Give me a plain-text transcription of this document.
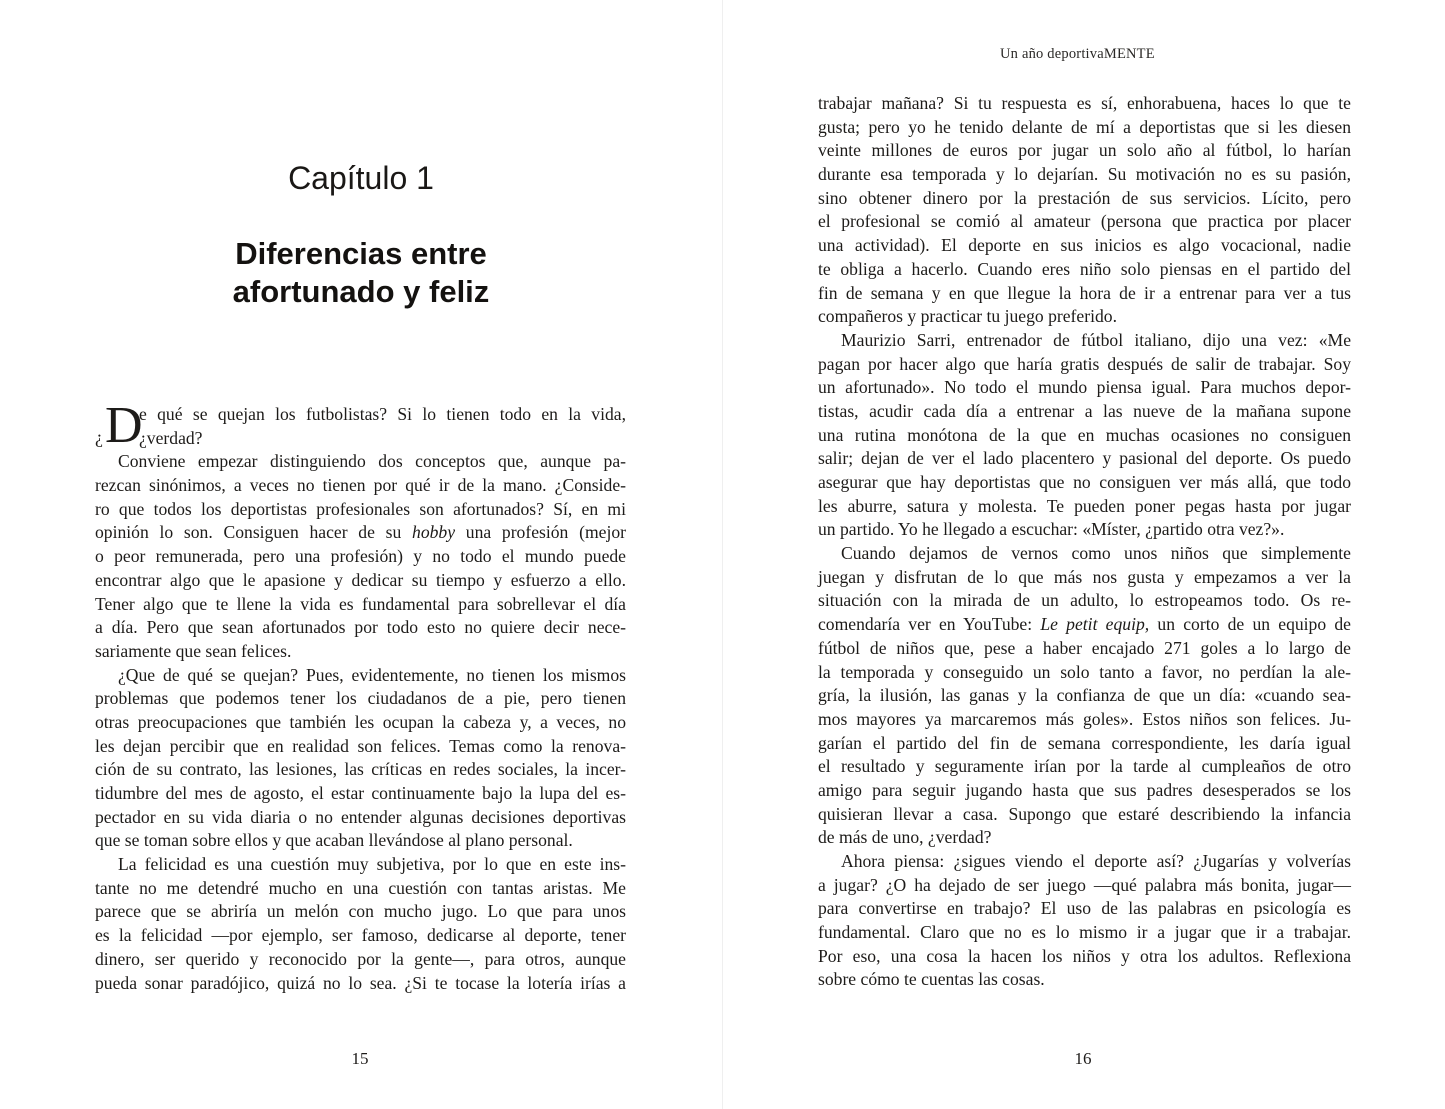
Capítulo 1
Diferencias entre
afortunado y feliz
¿ D
e qué se quejan los futbolistas? Si lo tienen todo en la vida,
¿verdad?
Conviene empezar distinguiendo dos conceptos que, aunque pa-
rezcan sinónimos, a veces no tienen por qué ir de la mano. ¿Conside-
ro que todos los deportistas profesionales son afortunados? Sí, en mi
opinión lo son. Consiguen hacer de su hobby una profesión (mejor
o peor remunerada, pero una profesión) y no todo el mundo puede
encontrar algo que le apasione y dedicar su tiempo y esfuerzo a ello.
Tener algo que te llene la vida es fundamental para sobrellevar el día
a día. Pero que sean afortunados por todo esto no quiere decir nece-
sariamente que sean felices.
¿Que de qué se quejan? Pues, evidentemente, no tienen los mismos
problemas que podemos tener los ciudadanos de a pie, pero tienen
otras preocupaciones que también les ocupan la cabeza y, a veces, no
les dejan percibir que en realidad son felices. Temas como la renova-
ción de su contrato, las lesiones, las críticas en redes sociales, la incer-
tidumbre del mes de agosto, el estar continuamente bajo la lupa del es-
pectador en su vida diaria o no entender algunas decisiones deportivas
que se toman sobre ellos y que acaban llevándose al plano personal.
La felicidad es una cuestión muy subjetiva, por lo que en este ins-
tante no me detendré mucho en una cuestión con tantas aristas. Me
parece que se abriría un melón con mucho jugo. Lo que para unos
es la felicidad —por ejemplo, ser famoso, dedicarse al deporte, tener
dinero, ser querido y reconocido por la gente—, para otros, aunque
pueda sonar paradójico, quizá no lo sea. ¿Si te tocase la lotería irías a
15
Un año deportivaMENTE
trabajar mañana? Si tu respuesta es sí, enhorabuena, haces lo que te
gusta; pero yo he tenido delante de mí a deportistas que si les diesen
veinte millones de euros por jugar un solo año al fútbol, lo harían
durante esa temporada y lo dejarían. Su motivación no es su pasión,
sino obtener dinero por la prestación de sus servicios. Lícito, pero
el profesional se comió al amateur (persona que practica por placer
una actividad). El deporte en sus inicios es algo vocacional, nadie
te obliga a hacerlo. Cuando eres niño solo piensas en el partido del
fin de semana y en que llegue la hora de ir a entrenar para ver a tus
compañeros y practicar tu juego preferido.
Maurizio Sarri, entrenador de fútbol italiano, dijo una vez: «Me
pagan por hacer algo que haría gratis después de salir de trabajar. Soy
un afortunado». No todo el mundo piensa igual. Para muchos depor-
tistas, acudir cada día a entrenar a las nueve de la mañana supone
una rutina monótona de la que en muchas ocasiones no consiguen
salir; dejan de ver el lado placentero y pasional del deporte. Os puedo
asegurar que hay deportistas que no consiguen ver más allá, que todo
les aburre, satura y molesta. Te pueden poner pegas hasta por jugar
un partido. Yo he llegado a escuchar: «Míster, ¿partido otra vez?».
Cuando dejamos de vernos como unos niños que simplemente
juegan y disfrutan de lo que más nos gusta y empezamos a ver la
situación con la mirada de un adulto, lo estropeamos todo. Os re-
comendaría ver en YouTube: Le petit equip, un corto de un equipo de
fútbol de niños que, pese a haber encajado 271 goles a lo largo de
la temporada y conseguido un solo tanto a favor, no perdían la ale-
gría, la ilusión, las ganas y la confianza de que un día: «cuando sea-
mos mayores ya marcaremos más goles». Estos niños son felices. Ju-
garían el partido del fin de semana correspondiente, les daría igual
el resultado y seguramente irían por la tarde al cumpleaños de otro
amigo para seguir jugando hasta que sus padres desesperados se los
quisieran llevar a casa. Supongo que estaré describiendo la infancia
de más de uno, ¿verdad?
Ahora piensa: ¿sigues viendo el deporte así? ¿Jugarías y volverías
a jugar? ¿O ha dejado de ser juego —qué palabra más bonita, jugar—
para convertirse en trabajo? El uso de las palabras en psicología es
fundamental. Claro que no es lo mismo ir a jugar que ir a trabajar.
Por eso, una cosa la hacen los niños y otra los adultos. Reflexiona
sobre cómo te cuentas las cosas.
16
